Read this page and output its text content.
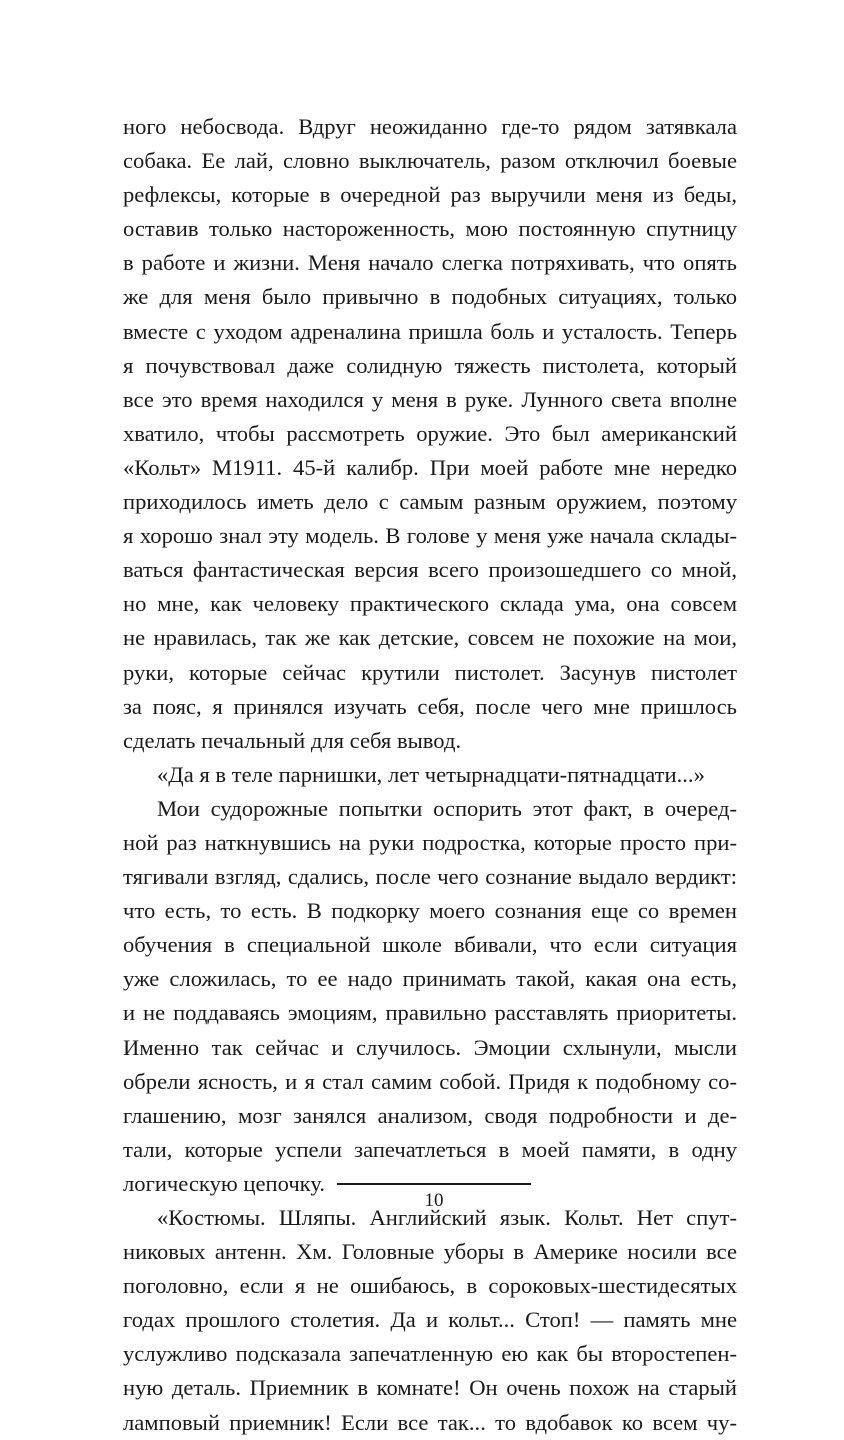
ного небосвода. Вдруг неожиданно где-то рядом затявкала
собака. Ее лай, словно выключатель, разом отключил боевые
рефлексы, которые в очередной раз выручили меня из беды,
оставив только настороженность, мою постоянную спутницу
в работе и жизни. Меня начало слегка потряхивать, что опять
же для меня было привычно в подобных ситуациях, только
вместе с уходом адреналина пришла боль и усталость. Теперь
я почувствовал даже солидную тяжесть пистолета, который
все это время находился у меня в руке. Лунного света вполне
хватило, чтобы рассмотреть оружие. Это был американский
«Кольт» M1911. 45-й калибр. При моей работе мне нередко
приходилось иметь дело с самым разным оружием, поэтому
я хорошо знал эту модель. В голове у меня уже начала склады-
ваться фантастическая версия всего произошедшего со мной,
но мне, как человеку практического склада ума, она совсем
не нравилась, так же как детские, совсем не похожие на мои,
руки, которые сейчас крутили пистолет. Засунув пистолет
за пояс, я принялся изучать себя, после чего мне пришлось
сделать печальный для себя вывод.
«Да я в теле парнишки, лет четырнадцати-пятнадцати...»
Мои судорожные попытки оспорить этот факт, в очеред-
ной раз наткнувшись на руки подростка, которые просто при-
тягивали взгляд, сдались, после чего сознание выдало вердикт:
что есть, то есть. В подкорку моего сознания еще со времен
обучения в специальной школе вбивали, что если ситуация
уже сложилась, то ее надо принимать такой, какая она есть,
и не поддаваясь эмоциям, правильно расставлять приоритеты.
Именно так сейчас и случилось. Эмоции схлынули, мысли
обрели ясность, и я стал самим собой. Придя к подобному со-
глашению, мозг занялся анализом, сводя подробности и де-
тали, которые успели запечатлеться в моей памяти, в одну
логическую цепочку.
«Костюмы. Шляпы. Английский язык. Кольт. Нет спут-
никовых антенн. Хм. Головные уборы в Америке носили все
поголовно, если я не ошибаюсь, в сороковых-шестидесятых
годах прошлого столетия. Да и кольт... Стоп! — память мне
услужливо подсказала запечатленную ею как бы второстепен-
ную деталь. Приемник в комнате! Он очень похож на старый
ламповый приемник! Если все так... то вдобавок ко всем чу-
10
